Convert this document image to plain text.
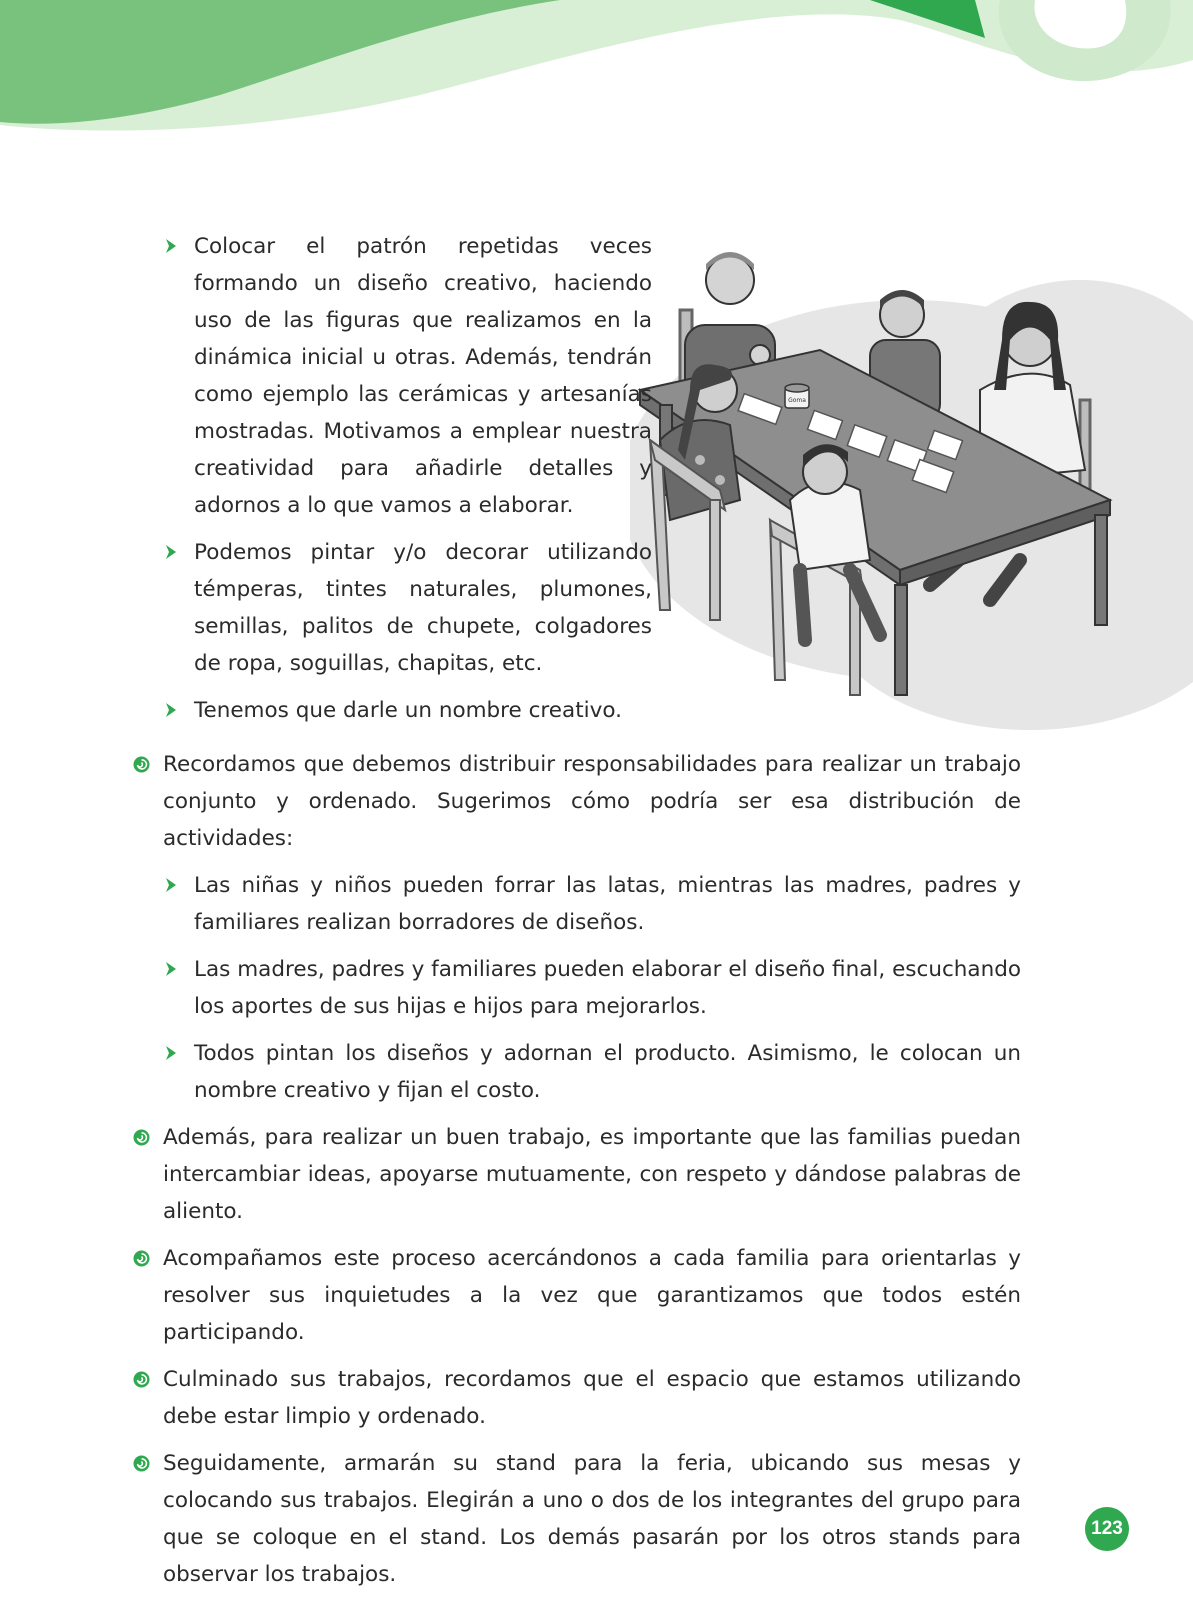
Goma
Colocar el patrón repetidas veces formando un diseño creativo, haciendo uso de las figuras que realizamos en la dinámica inicial u otras. Además, tendrán como ejemplo las cerámicas y artesanías mostradas. Motivamos a emplear nuestra creatividad para añadirle detalles y adornos a lo que vamos a elaborar.
Podemos pintar y/o decorar utilizando témperas, tintes naturales, plumones, semillas, palitos de chupete, colgadores de ropa, soguillas, chapitas, etc.
Tenemos que darle un nombre creativo.
Recordamos que debemos distribuir responsabilidades para realizar un trabajo conjunto y ordenado. Sugerimos cómo podría ser esa distribución de actividades:
Las niñas y niños pueden forrar las latas, mientras las madres, padres y familiares realizan borradores de diseños.
Las madres, padres y familiares pueden elaborar el diseño final, escuchando los aportes de sus hijas e hijos para mejorarlos.
Todos pintan los diseños y adornan el producto. Asimismo, le colocan un nombre creativo y fijan el costo.
Además, para realizar un buen trabajo, es importante que las familias puedan intercambiar ideas, apoyarse mutuamente, con respeto y dándose palabras de aliento.
Acompañamos este proceso acercándonos a cada familia para orientarlas y resolver sus inquietudes a la vez que garantizamos que todos estén participando.
Culminado sus trabajos, recordamos que el espacio que estamos utilizando debe estar limpio y ordenado.
Seguidamente, armarán su stand para la feria, ubicando sus mesas y colocando sus trabajos. Elegirán a uno o dos de los integrantes del grupo para que se coloque en el stand. Los demás pasarán por los otros stands para observar los trabajos.
123
